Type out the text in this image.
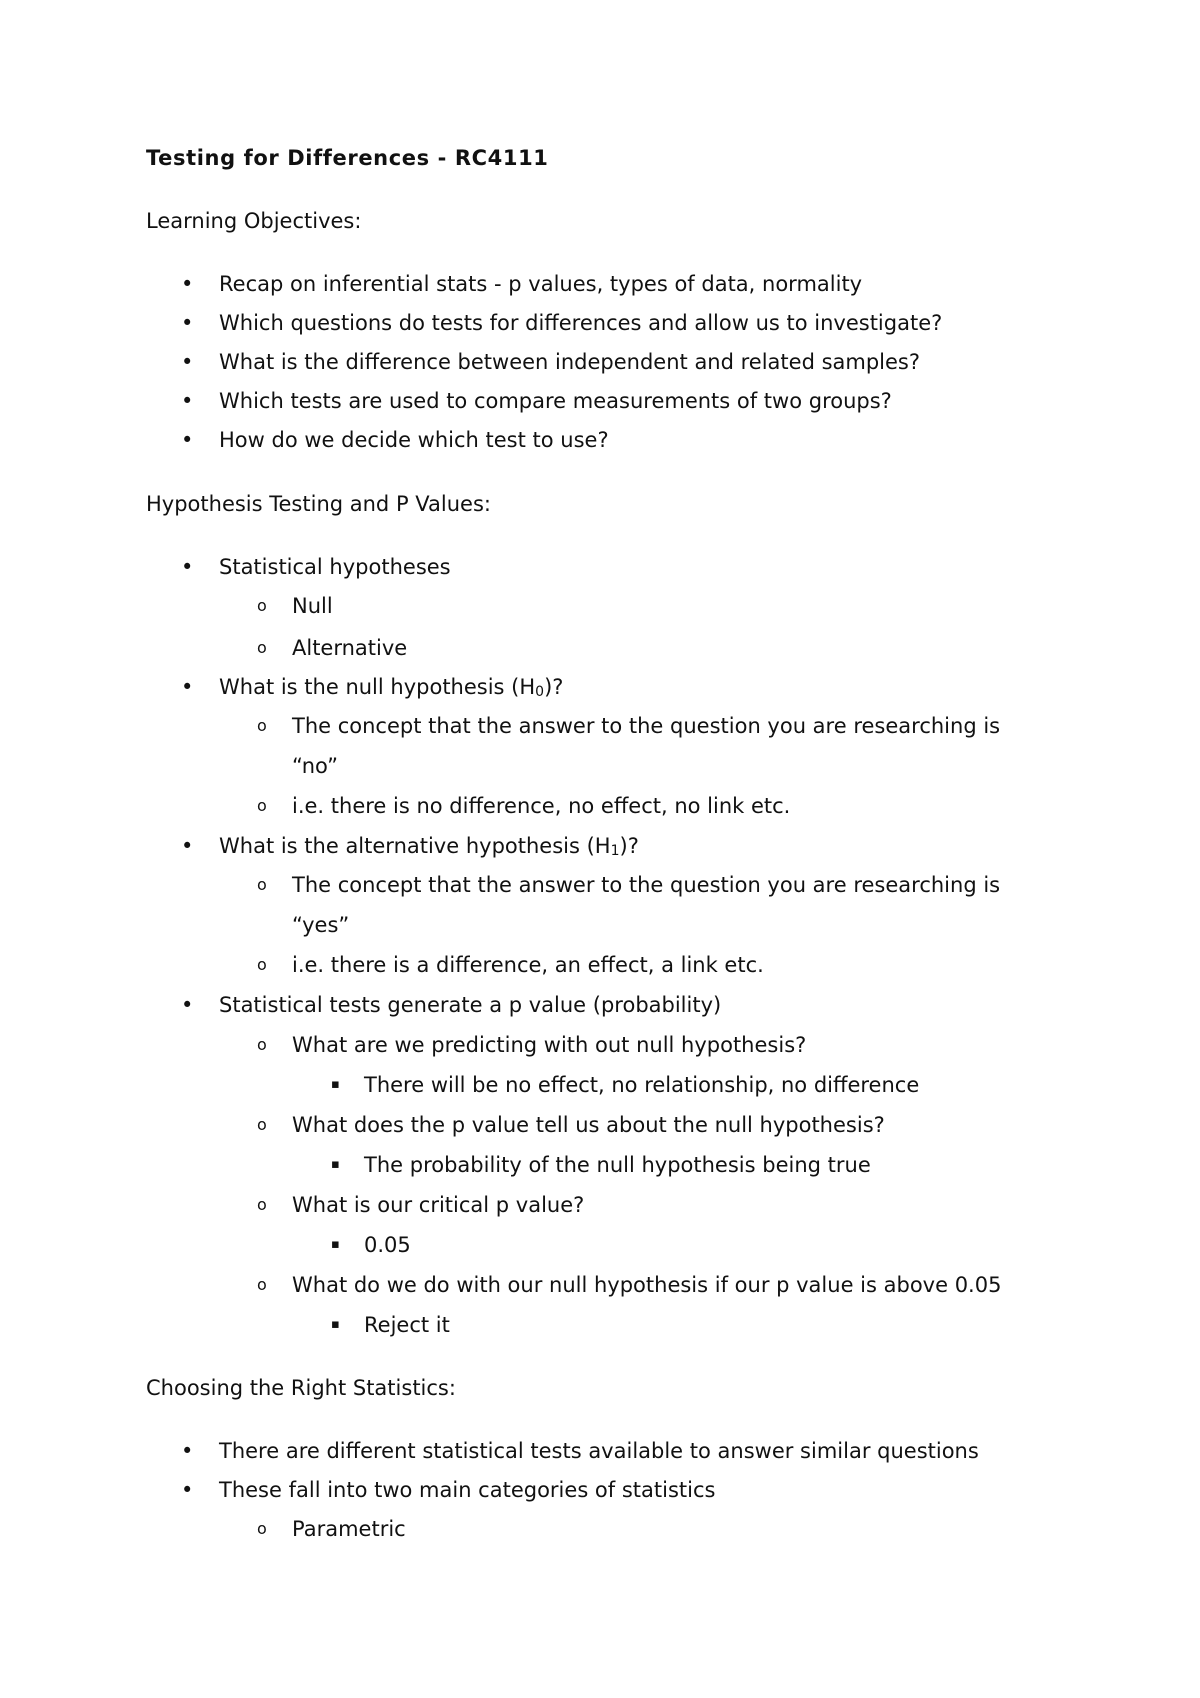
Testing for Differences - RC4111
Learning Objectives:
• Recap on inferential stats - p values, types of data, normality
• Which questions do tests for differences and allow us to investigate?
• What is the difference between independent and related samples?
• Which tests are used to compare measurements of two groups?
• How do we decide which test to use?
Hypothesis Testing and P Values:
• Statistical hypotheses
o Null
o Alternative
• What is the null hypothesis $(H_0)$?
o The concept that the answer to the question you are researching is
“no”
o i.e. there is no difference, no effect, no link etc.
• What is the alternative hypothesis $(H_1)$?
o The concept that the answer to the question you are researching is
“yes”
o i.e. there is a difference, an effect, a link etc.
• Statistical tests generate a p value (probability)
o What are we predicting with out null hypothesis?
▪ There will be no effect, no relationship, no difference
o What does the p value tell us about the null hypothesis?
▪ The probability of the null hypothesis being true
o What is our critical p value?
▪ 0.05
o What do we do with our null hypothesis if our p value is above 0.05
▪ Reject it
Choosing the Right Statistics:
• There are different statistical tests available to answer similar questions
• These fall into two main categories of statistics
o Parametric
